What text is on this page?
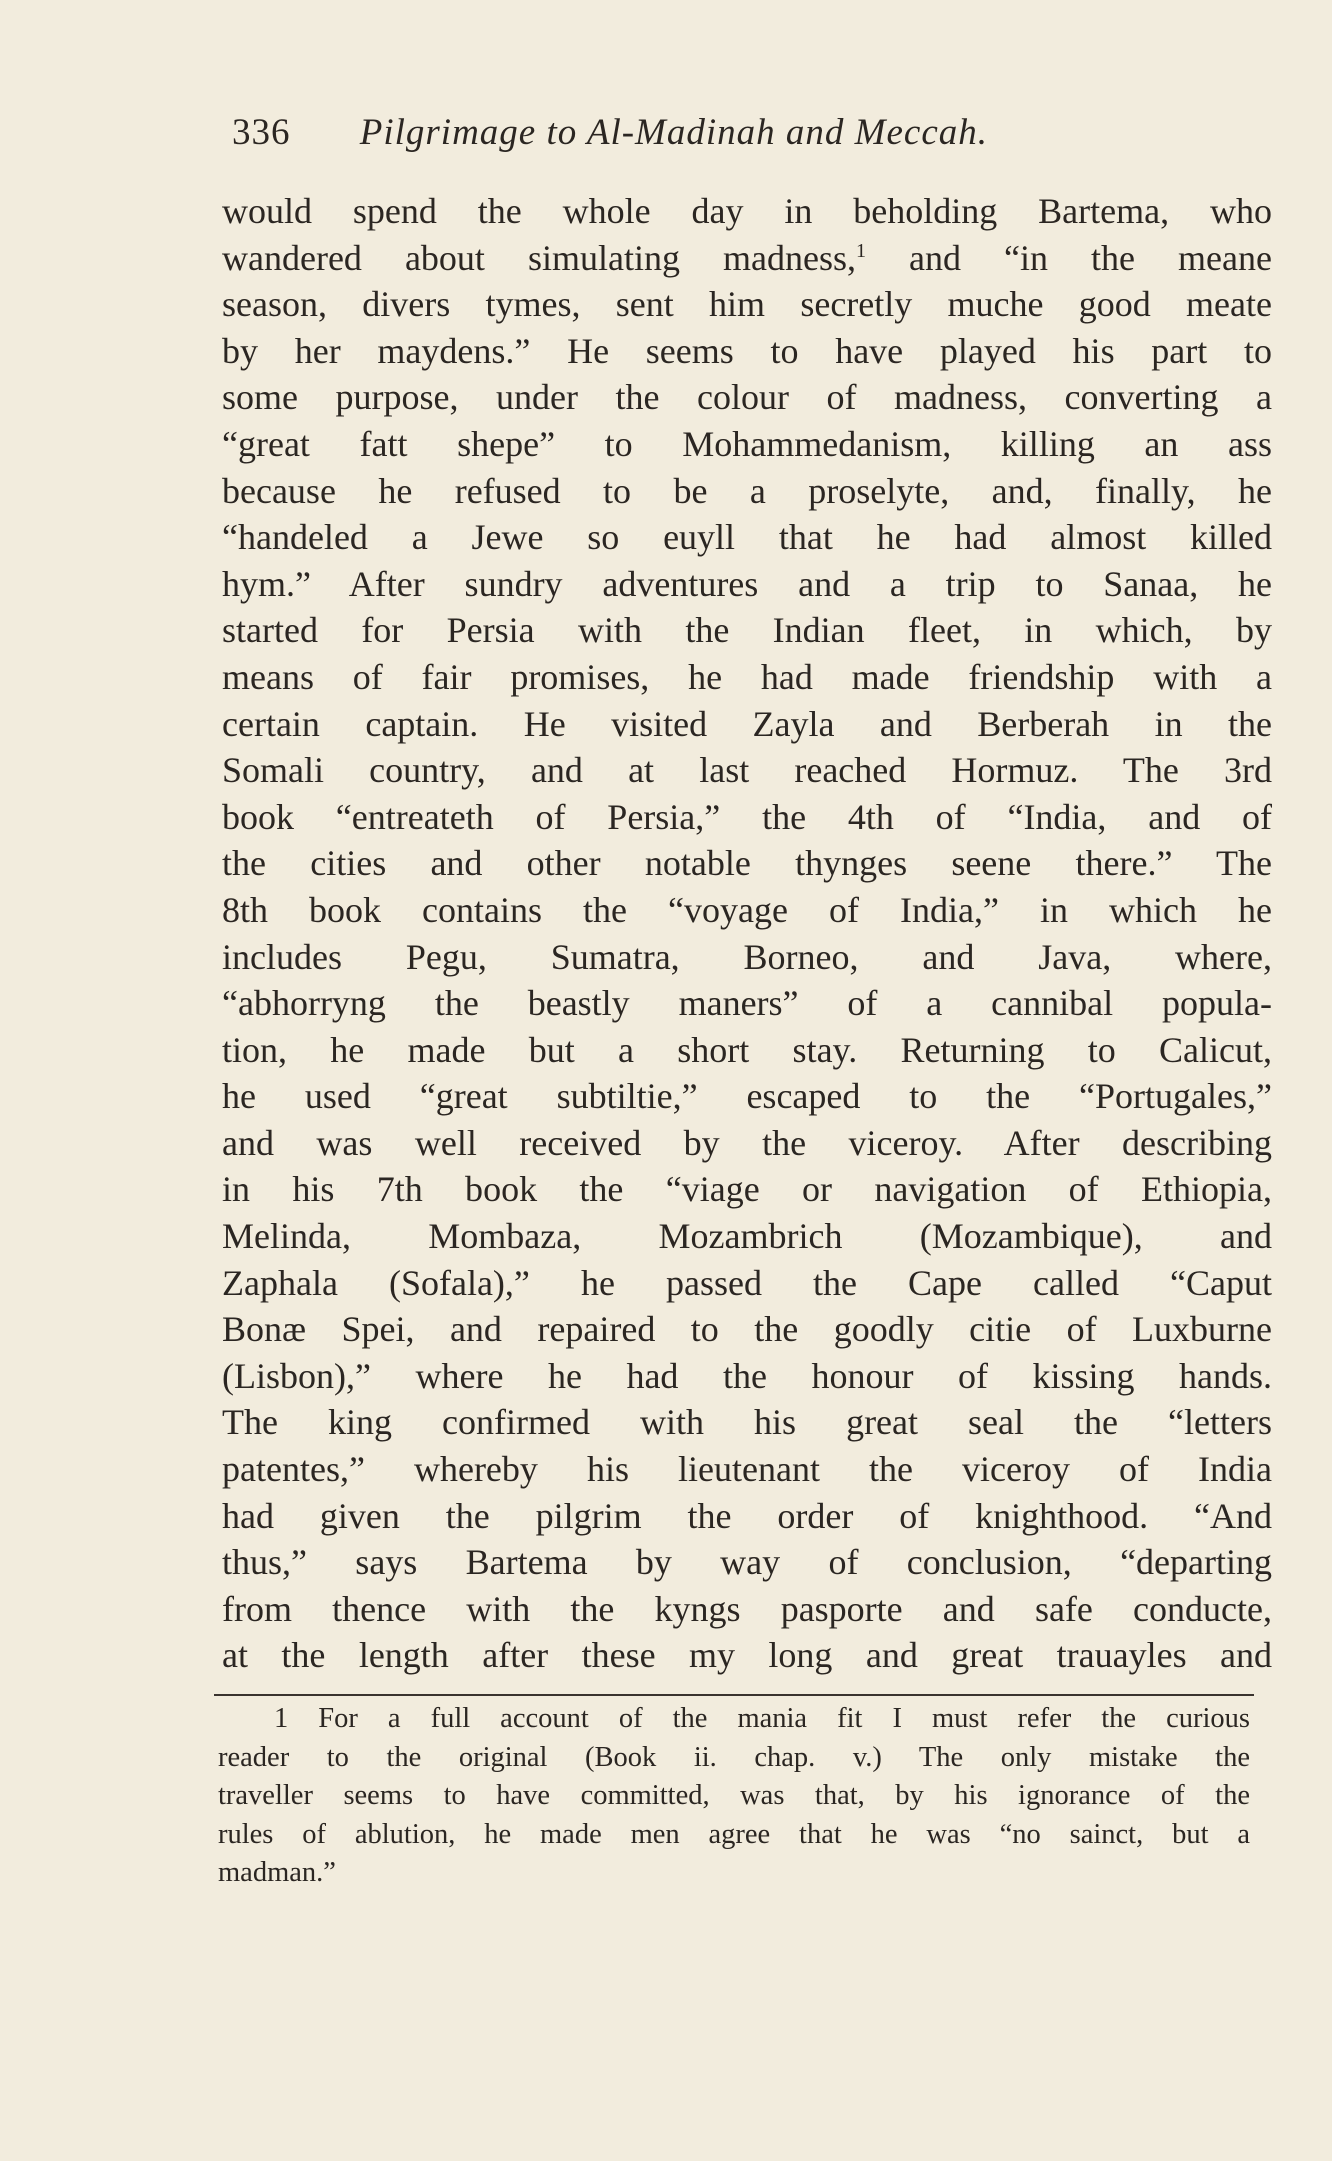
336 Pilgrimage to Al-Madinah and Meccah.
would spend the whole day in beholding Bartema, who
wandered about simulating madness,$^1$ and “in the meane
season, divers tymes, sent him secretly muche good meate
by her maydens.” He seems to have played his part to
some purpose, under the colour of madness, converting a
“great fatt shepe” to Mohammedanism, killing an ass
because he refused to be a proselyte, and, finally, he
“handeled a Jewe so euyll that he had almost killed
hym.” After sundry adventures and a trip to Sanaa, he
started for Persia with the Indian fleet, in which, by
means of fair promises, he had made friendship with a
certain captain. He visited Zayla and Berberah in the
Somali country, and at last reached Hormuz. The 3rd
book “entreateth of Persia,” the 4th of “India, and of
the cities and other notable thynges seene there.” The
8th book contains the “voyage of India,” in which he
includes Pegu, Sumatra, Borneo, and Java, where,
“abhorryng the beastly maners” of a cannibal popula-
tion, he made but a short stay. Returning to Calicut,
he used “great subtiltie,” escaped to the “Portugales,”
and was well received by the viceroy. After describing
in his 7th book the “viage or navigation of Ethiopia,
Melinda, Mombaza, Mozambrich (Mozambique), and
Zaphala (Sofala),” he passed the Cape called “Caput
Bonæ Spei, and repaired to the goodly citie of Luxburne
(Lisbon),” where he had the honour of kissing hands.
The king confirmed with his great seal the “letters
patentes,” whereby his lieutenant the viceroy of India
had given the pilgrim the order of knighthood. “And
thus,” says Bartema by way of conclusion, “departing
from thence with the kyngs pasporte and safe conducte,
at the length after these my long and great trauayles and
1 For a full account of the mania fit I must refer the curious
reader to the original (Book ii. chap. v.) The only mistake the
traveller seems to have committed, was that, by his ignorance of the
rules of ablution, he made men agree that he was “no sainct, but a
madman.”
